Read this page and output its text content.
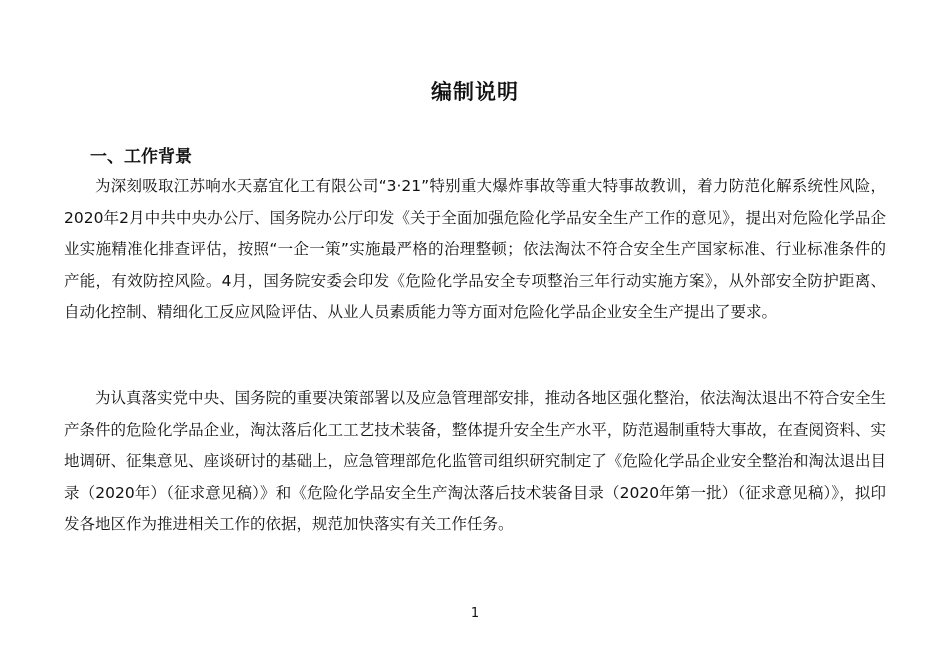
编制说明
一、工作背景

为深刻吸取江苏响水天嘉宜化工有限公司“3·21”特别重大爆炸事故等重大特事故教训，着力防范化解系统性风险，2020年2月中共中央办公厅、国务院办公厅印发《关于全面加强危险化学品安全生产工作的意见》，提出对危险化学品企业实施精准化排查评估，按照“一企一策”实施最严格的治理整顿；依法淘汰不符合安全生产国家标准、行业标准条件的产能，有效防控风险。4月，国务院安委会印发《危险化学品安全专项整治三年行动实施方案》，从外部安全防护距离、自动化控制、精细化工反应风险评估、从业人员素质能力等方面对危险化学品企业安全生产提出了要求。

为认真落实党中央、国务院的重要决策部署以及应急管理部安排，推动各地区强化整治，依法淘汰退出不符合安全生产条件的危险化学品企业，淘汰落后化工工艺技术装备，整体提升安全生产水平，防范遏制重特大事故，在查阅资料、实地调研、征集意见、座谈研讨的基础上，应急管理部危化监管司组织研究制定了《危险化学品企业安全整治和淘汰退出目录（2020年）（征求意见稿）》和《危险化学品安全生产淘汰落后技术装备目录（2020年第一批）（征求意见稿）》，拟印发各地区作为推进相关工作的依据，规范加快落实有关工作任务。

1
